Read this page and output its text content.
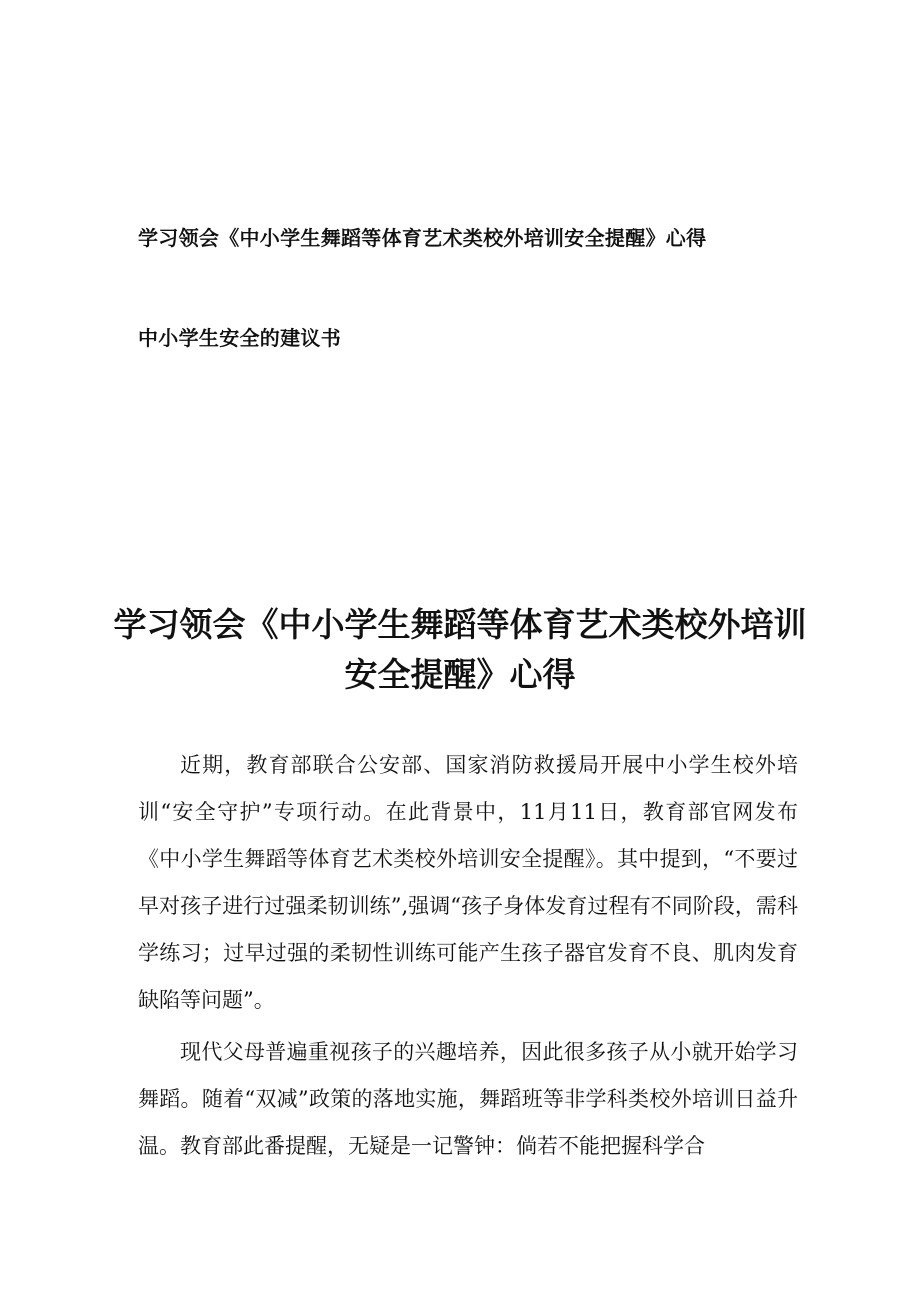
学习领会《中小学生舞蹈等体育艺术类校外培训安全提醒》心得
中小学生安全的建议书
学习领会《中小学生舞蹈等体育艺术类校外培训
安全提醒》心得

近期，教育部联合公安部、国家消防救援局开展中小学生校外培训“安全守护”专项行动。在此背景中，11月11日，教育部官网发布《中小学生舞蹈等体育艺术类校外培训安全提醒》。其中提到，“不要过早对孩子进行过强柔韧训练”,强调“孩子身体发育过程有不同阶段，需科学练习；过早过强的柔韧性训练可能产生孩子器官发育不良、肌肉发育缺陷等问题”。

现代父母普遍重视孩子的兴趣培养，因此很多孩子从小就开始学习舞蹈。随着“双减”政策的落地实施，舞蹈班等非学科类校外培训日益升温。教育部此番提醒，无疑是一记警钟：倘若不能把握科学合
